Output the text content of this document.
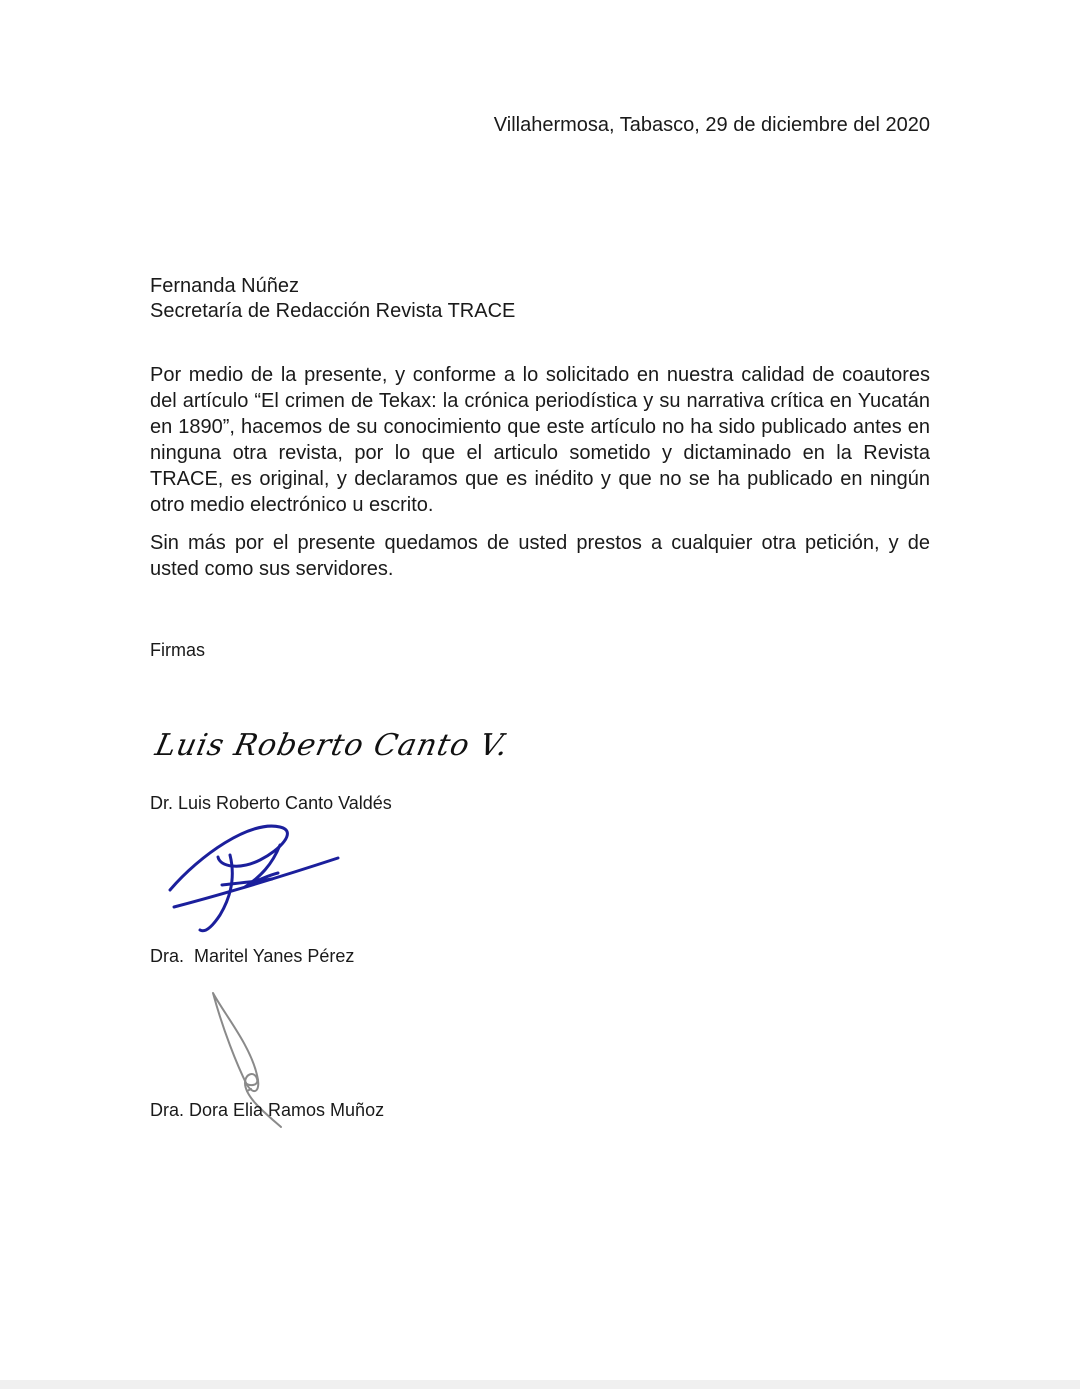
Villahermosa, Tabasco, 29 de diciembre del 2020
Fernanda Núñez
Secretaría de Redacción Revista TRACE

Por medio de la presente, y conforme a lo solicitado en nuestra calidad de coautores del artículo “El crimen de Tekax: la crónica periodística y su narrativa crítica en Yucatán en 1890”, hacemos de su conocimiento que este artículo no ha sido publicado antes en ninguna otra revista, por lo que el articulo sometido y dictaminado en la Revista TRACE, es original, y declaramos que es inédito y que no se ha publicado en ningún otro medio electrónico u escrito.

Sin más por el presente quedamos de usted prestos a cualquier otra petición, y de usted como sus servidores.

Firmas
Luis Roberto Canto V.
Dr. Luis Roberto Canto Valdés
Dra.  Maritel Yanes Pérez
Dra. Dora Elia Ramos Muñoz
